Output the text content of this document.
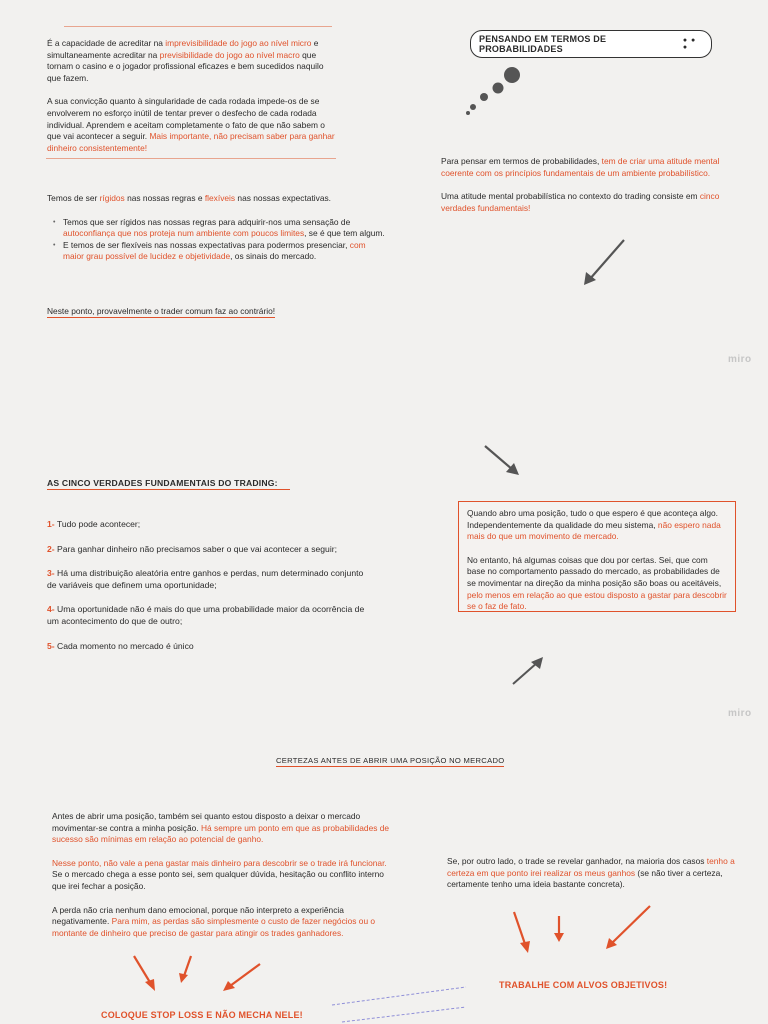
É a capacidade de acreditar na imprevisibilidade do jogo ao nível micro e simultaneamente acreditar na previsibilidade do jogo ao nível macro que tornam o casino e o jogador profissional eficazes e bem sucedidos naquilo que fazem.

A sua convicção quanto à singularidade de cada rodada impede-os de se envolverem no esforço inútil de tentar prever o desfecho de cada rodada individual. Aprendem e aceitam completamente o fato de que não sabem o que vai acontecer a seguir. Mais importante, não precisam saber para ganhar dinheiro consistentemente!

PENSANDO EM TERMOS DE PROBABILIDADES
● ● ●

Para pensar em termos de probabilidades, tem de criar uma atitude mental coerente com os princípios fundamentais de um ambiente probabilístico.

Uma atitude mental probabilística no contexto do trading consiste em cinco verdades fundamentais!

Temos de ser rígidos nas nossas regras e flexíveis nas nossas expectativas.

• Temos que ser rígidos nas nossas regras para adquirir-nos uma sensação de autoconfiança que nos proteja num ambiente com poucos limites, se é que tem algum.

• E temos de ser flexíveis nas nossas expectativas para podermos presenciar, com maior grau possível de lucidez e objetividade, os sinais do mercado.

Neste ponto, provavelmente o trader comum faz ao contrário!
miro
AS CINCO VERDADES FUNDAMENTAIS DO TRADING:

1- Tudo pode acontecer;

2- Para ganhar dinheiro não precisamos saber o que vai acontecer a seguir;

3- Há uma distribuição aleatória entre ganhos e perdas, num determinado conjunto de variáveis que definem uma oportunidade;

4- Uma oportunidade não é mais do que uma probabilidade maior da ocorrência de um acontecimento do que de outro;

5- Cada momento no mercado é único

Quando abro uma posição, tudo o que espero é que aconteça algo. Independentemente da qualidade do meu sistema, não espero nada mais do que um movimento de mercado.

No entanto, há algumas coisas que dou por certas. Sei, que com base no comportamento passado do mercado, as probabilidades de se movimentar na direção da minha posição são boas ou aceitáveis, pelo menos em relação ao que estou disposto a gastar para descobrir se o faz de fato.

miro
CERTEZAS ANTES DE ABRIR UMA POSIÇÃO NO MERCADO

Antes de abrir uma posição, também sei quanto estou disposto a deixar o mercado movimentar-se contra a minha posição. Há sempre um ponto em que as probabilidades de sucesso são mínimas em relação ao potencial de ganho.

Nesse ponto, não vale a pena gastar mais dinheiro para descobrir se o trade irá funcionar. Se o mercado chega a esse ponto sei, sem qualquer dúvida, hesitação ou conflito interno que irei fechar a posição.

A perda não cria nenhum dano emocional, porque não interpreto a experiência negativamente. Para mim, as perdas são simplesmente o custo de fazer negócios ou o montante de dinheiro que preciso de gastar para atingir os trades ganhadores.

Se, por outro lado, o trade se revelar ganhador, na maioria dos casos tenho a certeza em que ponto irei realizar os meus ganhos (se não tiver a certeza, certamente tenho uma ideia bastante concreta).

COLOQUE STOP LOSS E NÃO MECHA NELE!
TRABALHE COM ALVOS OBJETIVOS!
